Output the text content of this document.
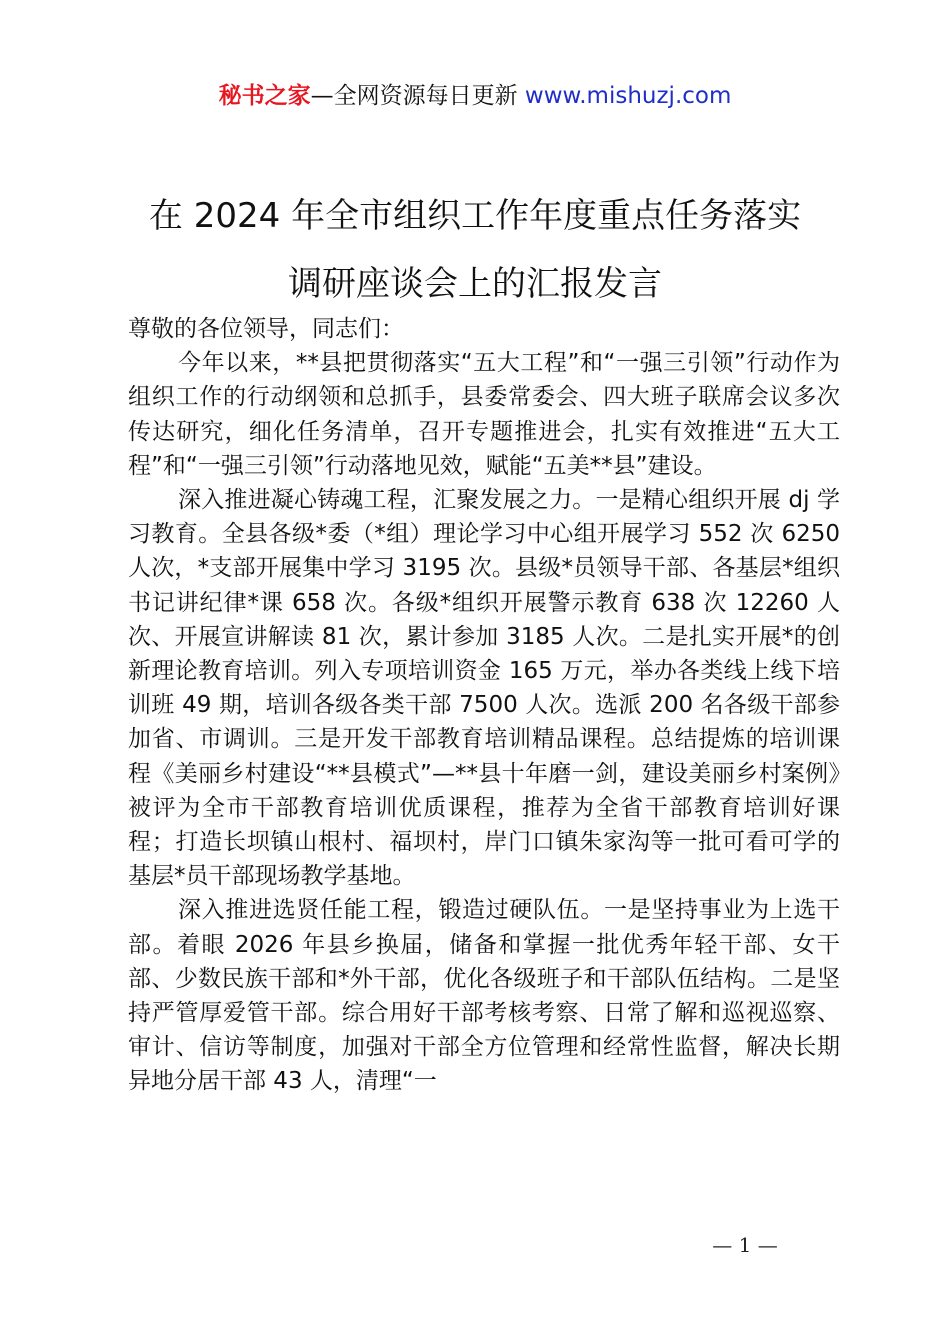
秘书之家—全网资源每日更新 www.mishuzj.com
在 2024 年全市组织工作年度重点任务落实
调研座谈会上的汇报发言

尊敬的各位领导，同志们：

今年以来，**县把贯彻落实“五大工程”和“一强三引领”行动作为组织工作的行动纲领和总抓手，县委常委会、四大班子联席会议多次传达研究，细化任务清单，召开专题推进会，扎实有效推进“五大工程”和“一强三引领”行动落地见效，赋能“五美**县”建设。

深入推进凝心铸魂工程，汇聚发展之力。一是精心组织开展 dj 学习教育。全县各级*委（*组）理论学习中心组开展学习 552 次 6250 人次，*支部开展集中学习 3195 次。县级*员领导干部、各基层*组织书记讲纪律*课 658 次。各级*组织开展警示教育 638 次 12260 人次、开展宣讲解读 81 次，累计参加 3185 人次。二是扎实开展*的创新理论教育培训。列入专项培训资金 165 万元，举办各类线上线下培训班 49 期，培训各级各类干部 7500 人次。选派 200 名各级干部参加省、市调训。三是开发干部教育培训精品课程。总结提炼的培训课程《美丽乡村建设“**县模式”—**县十年磨一剑，建设美丽乡村案例》被评为全市干部教育培训优质课程，推荐为全省干部教育培训好课程；打造长坝镇山根村、福坝村，岸门口镇朱家沟等一批可看可学的基层*员干部现场教学基地。

深入推进选贤任能工程，锻造过硬队伍。一是坚持事业为上选干部。着眼 2026 年县乡换届，储备和掌握一批优秀年轻干部、女干部、少数民族干部和*外干部，优化各级班子和干部队伍结构。二是坚持严管厚爱管干部。综合用好干部考核考察、日常了解和巡视巡察、审计、信访等制度，加强对干部全方位管理和经常性监督，解决长期异地分居干部 43 人，清理“一

— 1 —
